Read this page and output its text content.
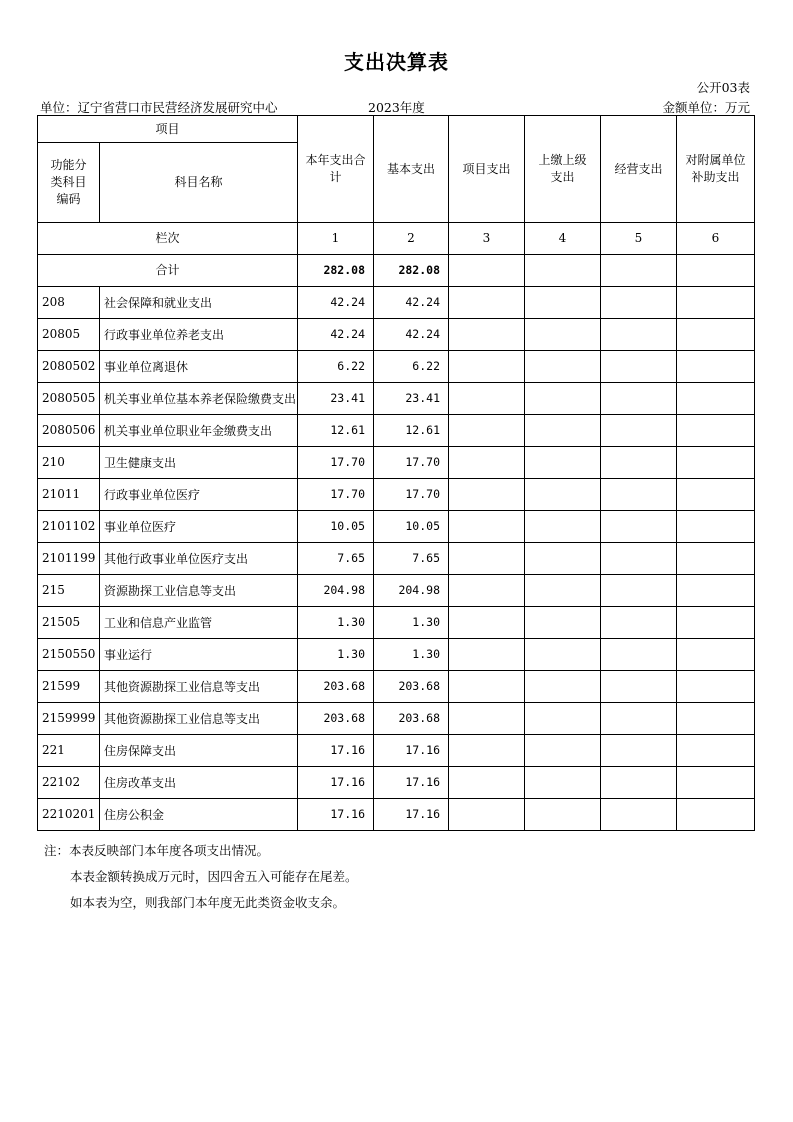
支出决算表
公开03表
单位：辽宁省营口市民营经济发展研究中心	2023年度	金额单位：万元
项目		本年支出合计	基本支出	项目支出	上缴上级支出	经营支出	对附属单位补助支出
功能分类科目编码	科目名称						
栏次		1	2	3	4	5	6
合计		282.08	282.08				
208	社会保障和就业支出	42.24	42.24				
20805	行政事业单位养老支出	42.24	42.24				
2080502	事业单位离退休	6.22	6.22				
2080505	机关事业单位基本养老保险缴费支出	23.41	23.41				
2080506	机关事业单位职业年金缴费支出	12.61	12.61				
210	卫生健康支出	17.70	17.70				
21011	行政事业单位医疗	17.70	17.70				
2101102	事业单位医疗	10.05	10.05				
2101199	其他行政事业单位医疗支出	7.65	7.65				
215	资源勘探工业信息等支出	204.98	204.98				
21505	工业和信息产业监管	1.30	1.30				
2150550	事业运行	1.30	1.30				
21599	其他资源勘探工业信息等支出	203.68	203.68				
2159999	其他资源勘探工业信息等支出	203.68	203.68				
221	住房保障支出	17.16	17.16				
22102	住房改革支出	17.16	17.16				
2210201	住房公积金	17.16	17.16				
注：本表反映部门本年度各项支出情况。
本表金额转换成万元时，因四舍五入可能存在尾差。
如本表为空，则我部门本年度无此类资金收支余。
